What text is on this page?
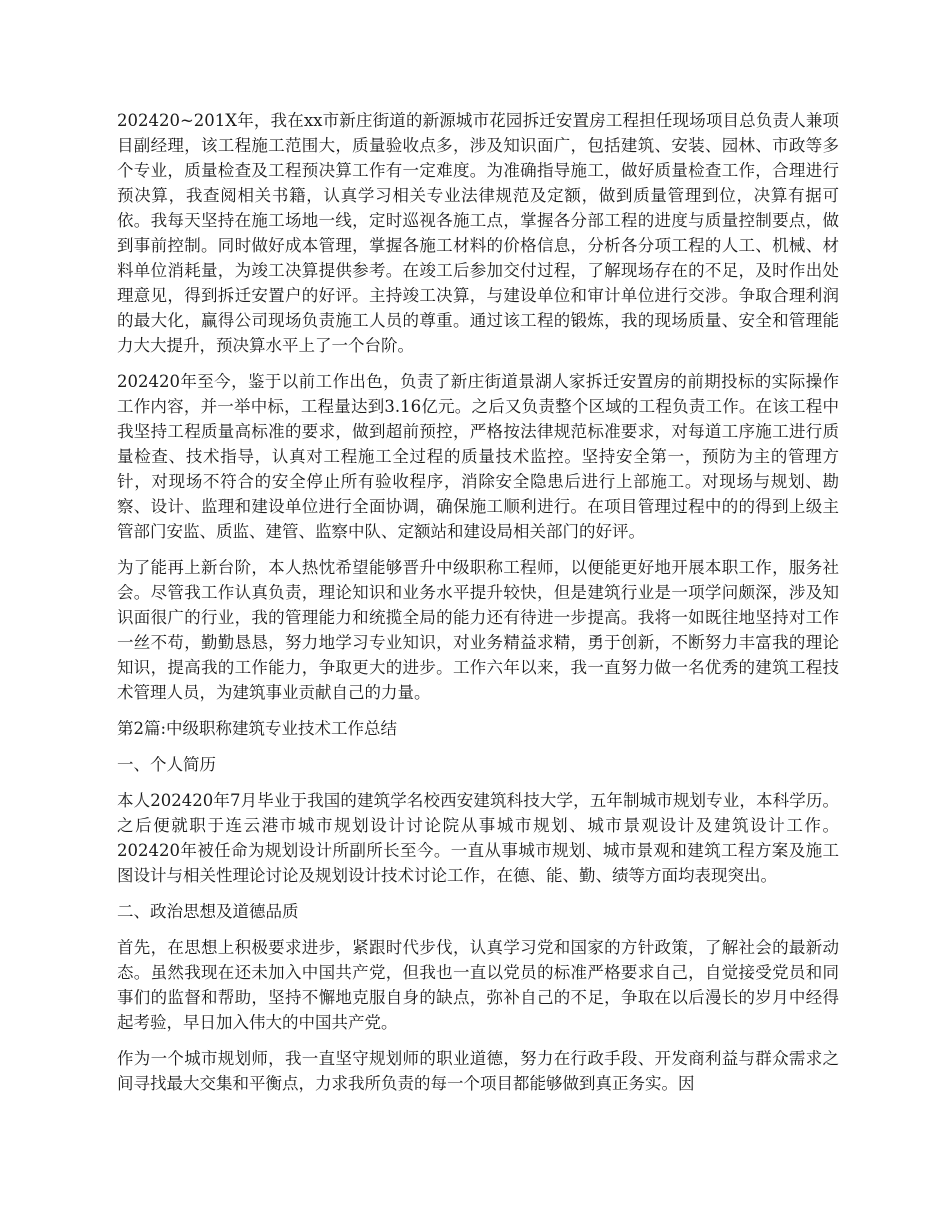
202420~201X年，我在xx市新庄街道的新源城市花园拆迁安置房工程担任现场项目总负责人兼项目副经理，该工程施工范围大，质量验收点多，涉及知识面广，包括建筑、安装、园林、市政等多个专业，质量检查及工程预决算工作有一定难度。为准确指导施工，做好质量检查工作，合理进行预决算，我查阅相关书籍，认真学习相关专业法律规范及定额，做到质量管理到位，决算有据可依。我每天坚持在施工场地一线，定时巡视各施工点，掌握各分部工程的进度与质量控制要点，做到事前控制。同时做好成本管理，掌握各施工材料的价格信息，分析各分项工程的人工、机械、材料单位消耗量，为竣工决算提供参考。在竣工后参加交付过程，了解现场存在的不足，及时作出处理意见，得到拆迁安置户的好评。主持竣工决算，与建设单位和审计单位进行交涉。争取合理利润的最大化，赢得公司现场负责施工人员的尊重。通过该工程的锻炼，我的现场质量、安全和管理能力大大提升，预决算水平上了一个台阶。

202420年至今，鉴于以前工作出色，负责了新庄街道景湖人家拆迁安置房的前期投标的实际操作工作内容，并一举中标，工程量达到3.16亿元。之后又负责整个区域的工程负责工作。在该工程中我坚持工程质量高标准的要求，做到超前预控，严格按法律规范标准要求，对每道工序施工进行质量检查、技术指导，认真对工程施工全过程的质量技术监控。坚持安全第一，预防为主的管理方针，对现场不符合的安全停止所有验收程序，消除安全隐患后进行上部施工。对现场与规划、勘察、设计、监理和建设单位进行全面协调，确保施工顺利进行。在项目管理过程中的的得到上级主管部门安监、质监、建管、监察中队、定额站和建设局相关部门的好评。

为了能再上新台阶，本人热忱希望能够晋升中级职称工程师，以便能更好地开展本职工作，服务社会。尽管我工作认真负责，理论知识和业务水平提升较快，但是建筑行业是一项学问颇深，涉及知识面很广的行业，我的管理能力和统揽全局的能力还有待进一步提高。我将一如既往地坚持对工作一丝不苟，勤勤恳恳，努力地学习专业知识，对业务精益求精，勇于创新，不断努力丰富我的理论知识，提高我的工作能力，争取更大的进步。工作六年以来，我一直努力做一名优秀的建筑工程技术管理人员，为建筑事业贡献自己的力量。

第2篇:中级职称建筑专业技术工作总结

一、个人简历

本人202420年7月毕业于我国的建筑学名校西安建筑科技大学，五年制城市规划专业，本科学历。之后便就职于连云港市城市规划设计讨论院从事城市规划、城市景观设计及建筑设计工作。202420年被任命为规划设计所副所长至今。一直从事城市规划、城市景观和建筑工程方案及施工图设计与相关性理论讨论及规划设计技术讨论工作，在德、能、勤、绩等方面均表现突出。

二、政治思想及道德品质

首先，在思想上积极要求进步，紧跟时代步伐，认真学习党和国家的方针政策，了解社会的最新动态。虽然我现在还未加入中国共产党，但我也一直以党员的标准严格要求自己，自觉接受党员和同事们的监督和帮助，坚持不懈地克服自身的缺点，弥补自己的不足，争取在以后漫长的岁月中经得起考验，早日加入伟大的中国共产党。

作为一个城市规划师，我一直坚守规划师的职业道德，努力在行政手段、开发商利益与群众需求之间寻找最大交集和平衡点，力求我所负责的每一个项目都能够做到真正务实。因
